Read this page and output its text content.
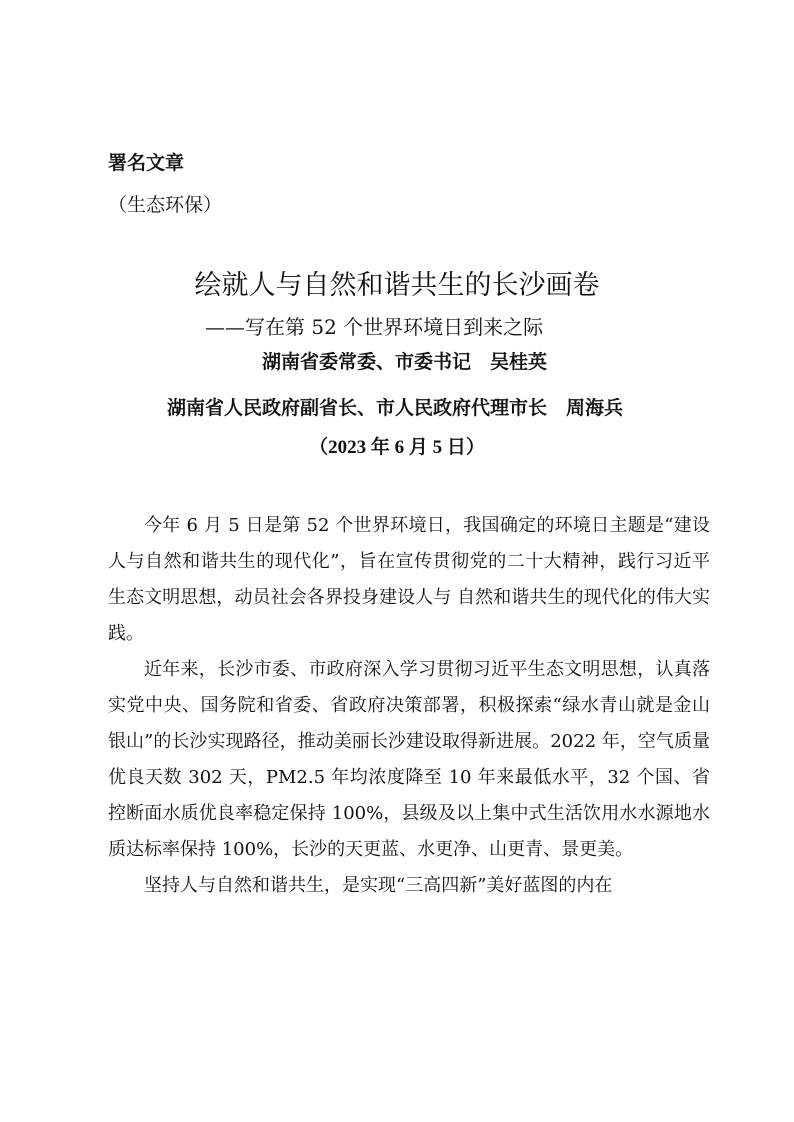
署名文章
（生态环保）
绘就人与自然和谐共生的长沙画卷
——写在第 52 个世界环境日到来之际
湖南省委常委、市委书记　吴桂英
湖南省人民政府副省长、市人民政府代理市长　周海兵
（2023 年 6 月 5 日）

今年 6 月 5 日是第 52 个世界环境日，我国确定的环境日主题是“建设人与自然和谐共生的现代化”，旨在宣传贯彻党的二十大精神，践行习近平生态文明思想，动员社会各界投身建设人与 自然和谐共生的现代化的伟大实践。

近年来，长沙市委、市政府深入学习贯彻习近平生态文明思想，认真落实党中央、国务院和省委、省政府决策部署，积极探索“绿水青山就是金山银山”的长沙实现路径，推动美丽长沙建设取得新进展。2022 年，空气质量优良天数 302 天，PM2.5 年均浓度降至 10 年来最低水平，32 个国、省控断面水质优良率稳定保持 100%，县级及以上集中式生活饮用水水源地水质达标率保持 100%，长沙的天更蓝、水更净、山更青、景更美。

坚持人与自然和谐共生，是实现“三高四新”美好蓝图的内在
